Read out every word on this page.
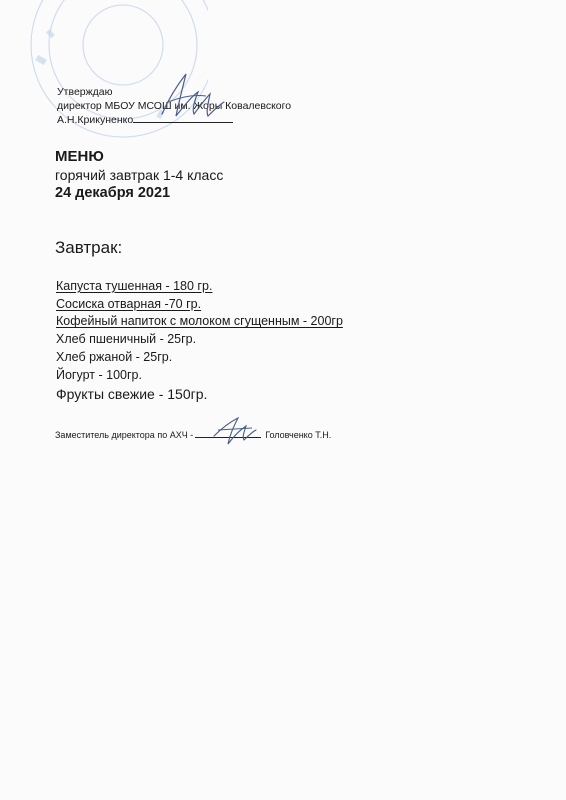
Утверждаю
директор МБОУ МСОШ им. Жоры Ковалевского
А.Н.Крикуненко
МЕНЮ
горячий завтрак 1-4 класс
24 декабря 2021
Завтрак:
Капуста тушенная - 180 гр.
Сосиска отварная -70 гр.
Кофейный напиток с молоком сгущенным - 200гр
Хлеб пшеничный - 25гр.
Хлеб ржаной - 25гр.
Йогурт - 100гр.
Фрукты свежие - 150гр.
Заместитель директора по АХЧ -	Головченко Т.Н.
